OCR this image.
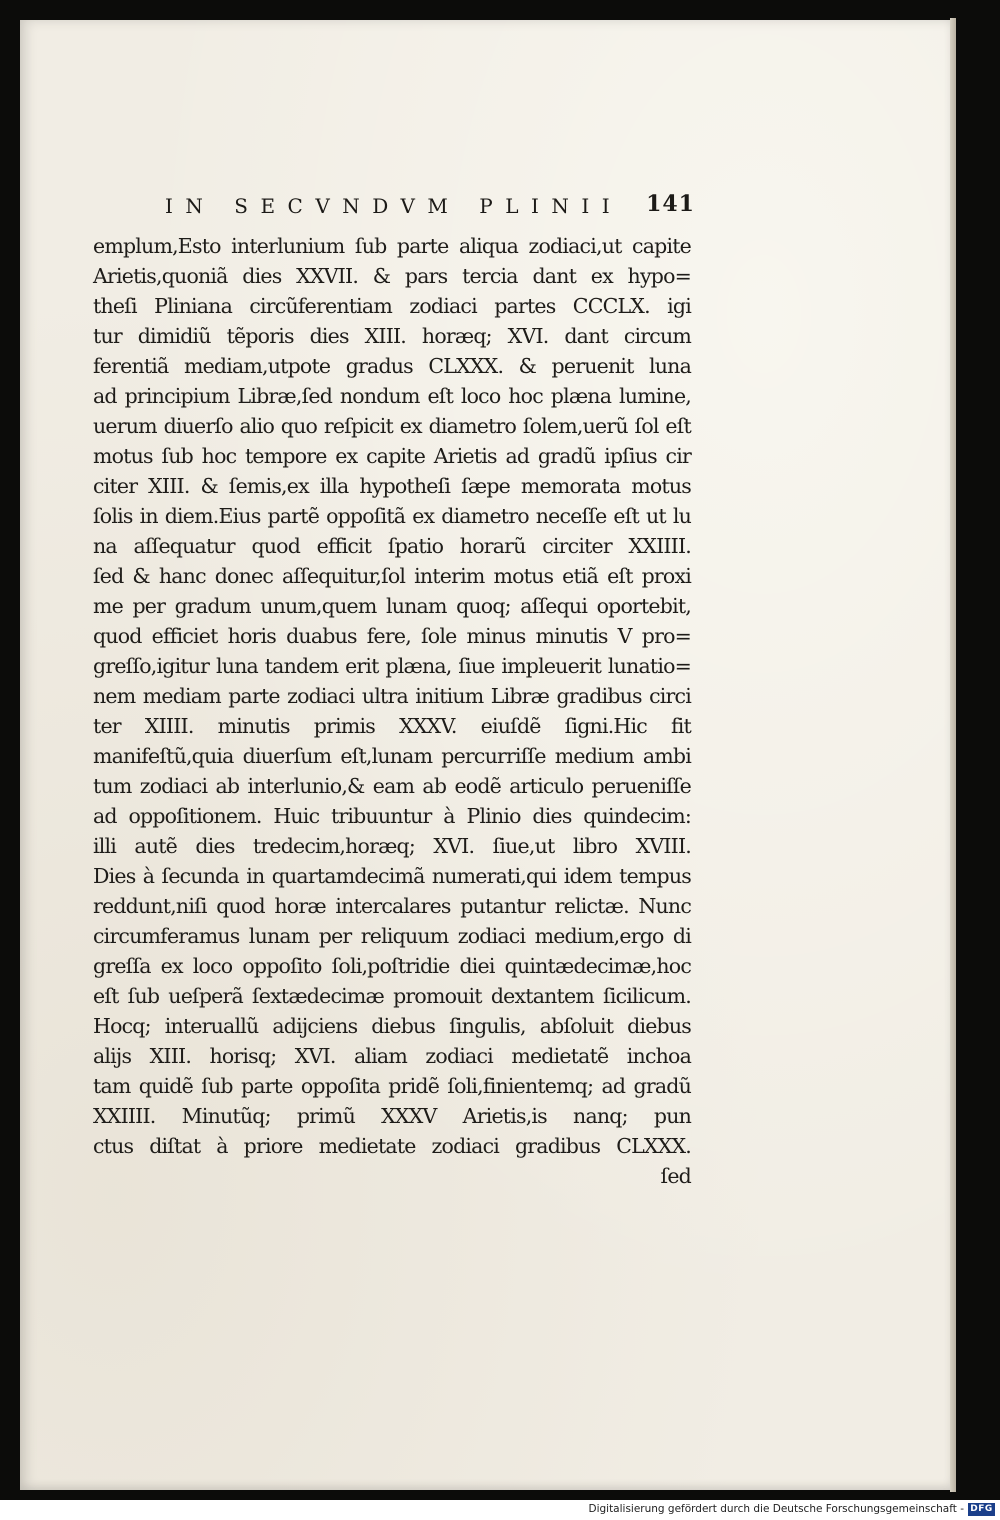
IN SECVNDVM PLINII 141
emplum,Esto interlunium ſub parte aliqua zodiaci,ut capite
Arietis,quoniã dies XXVII. & pars tercia dant ex hypo=
theſi Pliniana circũferentiam zodiaci partes CCCLX. igi
tur dimidiũ tẽporis dies XIII. horæq; XVI. dant circum
ferentiã mediam,utpote gradus CLXXX. & peruenit luna
ad principium Libræ,ſed nondum eſt loco hoc plæna lumine,
uerum diuerſo alio quo reſpicit ex diametro ſolem,uerũ ſol eſt
motus ſub hoc tempore ex capite Arietis ad gradũ ipſius cir
citer XIII. & ſemis,ex illa hypotheſi ſæpe memorata motus
ſolis in diem.Eius partẽ oppoſitã ex diametro neceſſe eſt ut lu
na aſſequatur quod efficit ſpatio horarũ circiter XXIIII.
ſed & hanc donec aſſequitur,ſol interim motus etiã eſt proxi
me per gradum unum,quem lunam quoq; aſſequi oportebit,
quod efficiet horis duabus fere, ſole minus minutis V pro=
greſſo,igitur luna tandem erit plæna, ſiue impleuerit lunatio=
nem mediam parte zodiaci ultra initium Libræ gradibus circi
ter XIIII. minutis primis XXXV. eiuſdẽ ſigni.Hic fit
manifeſtũ,quia diuerſum eſt,lunam percurriſſe medium ambi
tum zodiaci ab interlunio,& eam ab eodẽ articulo perueniſſe
ad oppoſitionem. Huic tribuuntur à Plinio dies quindecim:
illi autẽ dies tredecim,horæq; XVI. ſiue,ut libro XVIII.
Dies à ſecunda in quartamdecimã numerati,qui idem tempus
reddunt,niſi quod horæ intercalares putantur relictæ. Nunc
circumferamus lunam per reliquum zodiaci medium,ergo di
greſſa ex loco oppoſito ſoli,poſtridie diei quintædecimæ,hoc
eſt ſub ueſperã ſextædecimæ promouit dextantem ſicilicum.
Hocq; interuallũ adijciens diebus ſingulis, abſoluit diebus
alijs XIII. horisq; XVI. aliam zodiaci medietatẽ inchoa
tam quidẽ ſub parte oppoſita pridẽ ſoli,finientemq; ad gradũ
XXIIII. Minutũq; primũ XXXV Arietis,is nanq; pun
ctus diſtat à priore medietate zodiaci gradibus CLXXX.
ſed
Digitalisierung gefördert durch die Deutsche Forschungsgemeinschaft - DFG
